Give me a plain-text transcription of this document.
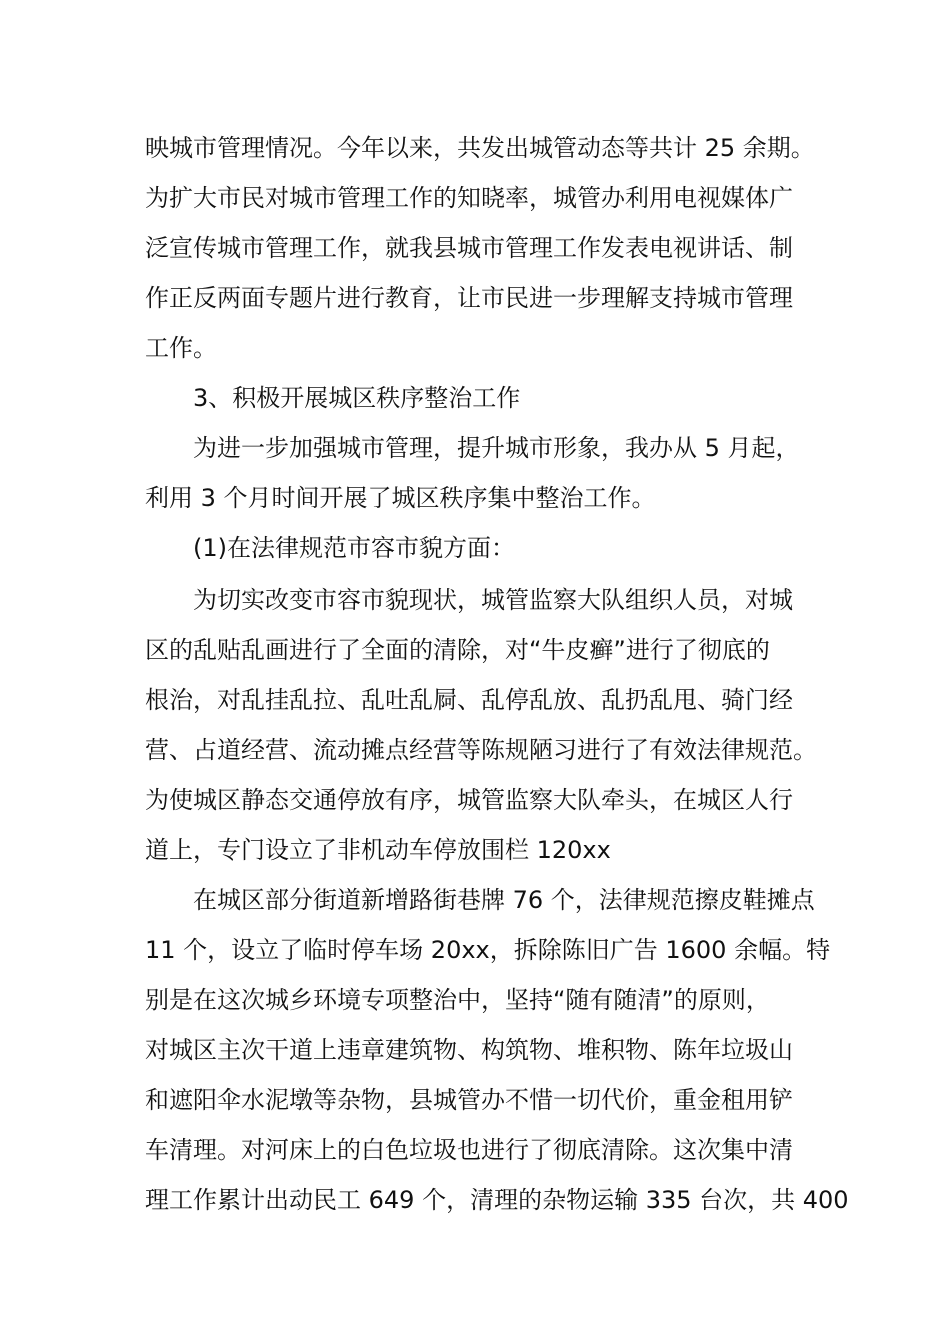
映城市管理情况。今年以来，共发出城管动态等共计 25 余期。
为扩大市民对城市管理工作的知晓率，城管办利用电视媒体广
泛宣传城市管理工作，就我县城市管理工作发表电视讲话、制
作正反两面专题片进行教育，让市民进一步理解支持城市管理
工作。
3、积极开展城区秩序整治工作
为进一步加强城市管理，提升城市形象，我办从 5 月起，
利用 3 个月时间开展了城区秩序集中整治工作。
(1)在法律规范市容市貌方面：
为切实改变市容市貌现状，城管监察大队组织人员，对城
区的乱贴乱画进行了全面的清除，对“牛皮癣”进行了彻底的
根治，对乱挂乱拉、乱吐乱屙、乱停乱放、乱扔乱甩、骑门经
营、占道经营、流动摊点经营等陈规陋习进行了有效法律规范。
为使城区静态交通停放有序，城管监察大队牵头，在城区人行
道上，专门设立了非机动车停放围栏 120xx
在城区部分街道新增路街巷牌 76 个，法律规范擦皮鞋摊点
11 个，设立了临时停车场 20xx，拆除陈旧广告 1600 余幅。特
别是在这次城乡环境专项整治中，坚持“随有随清”的原则，
对城区主次干道上违章建筑物、构筑物、堆积物、陈年垃圾山
和遮阳伞水泥墩等杂物，县城管办不惜一切代价，重金租用铲
车清理。对河床上的白色垃圾也进行了彻底清除。这次集中清
理工作累计出动民工 649 个，清理的杂物运输 335 台次，共 400
